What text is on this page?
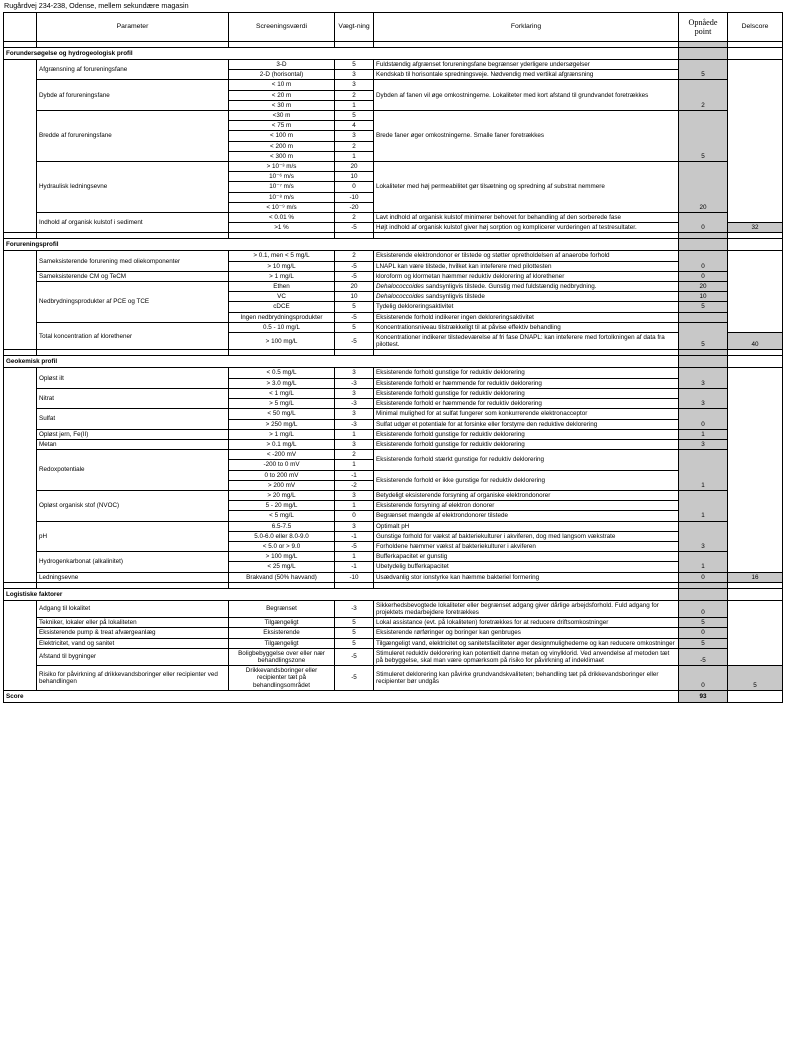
Rugårdvej 234-238, Odense, mellem sekundære magasin
	Parameter	Screeningsværdi	Vægt-ning	Forklaring	Opnåede point	Delscore

Forundersøgelse og hydrogeologisk profil						
	Afgrænsning af forureningsfane	3-D	5	Fuldstændig afgrænset forureningsfane begrænser yderligere undersøgelser	5	
		2-D (horisontal)	3	Kendskab til horisontale spredningsveje. Nødvendig med vertikal afgrænsning		
	Dybde af forureningsfane	< 10 m	3	Dybden af fanen vil øge omkostningerne. Lokaliteter med kort afstand til grundvandet foretrækkes	2	
		< 20 m	2			
		< 30 m	1			
	Bredde af forureningsfane	<30 m	5	Brede faner øger omkostningerne. Smalle faner foretrækkes	5	
		< 75 m	4			
		< 100 m	3			
		< 200 m	2			
		< 300 m	1			
	Hydraulisk ledningsevne	> 10⁻³ m/s	20	Lokaliteter med høj permeabilitet gør tilsætning og spredning af substrat nemmere	20	
		10⁻⁶ m/s	10			
		10⁻⁷ m/s	0			
		10⁻⁸ m/s	-10			
		< 10⁻⁹ m/s	-20			
	Indhold af organisk kulstof i sediment	< 0.01 %	2	Lavt indhold af organisk kulstof minimerer behovet for behandling af den sorberede fase	0	
		>1 %	-5	Højt indhold af organisk kulstof giver høj sorption og komplicerer vurderingen af testresultater.		32

Forureningsprofil						
	Sameksisterende forurening med oliekomponenter	> 0.1, men < 5 mg/L	2	Eksisterende elektrondonor er tilstede og støtter opretholdelsen af anaerobe forhold	0	
		> 10 mg/L	-5	LNAPL kan være tilstede, hvilket kan inteferere med pilottesten		
	Sameksisterende CM og TeCM	> 1 mg/L	-5	kloroform og klormetan hæmmer reduktiv deklorering af klorethener	0	
	Nedbrydningsprodukter af PCE og TCE	Ethen	20	Dehalococcoides sandsynligvis tilstede. Gunstig med fuldstændig nedbrydning.	20	
		VC	10	Dehalococcoides sandsynligvis tilstede	10	
		cDCE	5	Tydelig dekloreringsaktivitet	5	
		Ingen nedbrydningsprodukter	-5	Eksisterende forhold indikerer ingen dekloreringsaktivitet		
	Total koncentration af klorethener	0.5 - 10 mg/L	5	Koncentrationsniveau tilstrækkeligt til at påvise effektiv behandling	5	
		> 100 mg/L	-5	Koncentrationer indikerer tilstedeværelse af fri fase DNAPL: kan inteferere med fortolkningen af data fra pilottest.		40

Geokemisk profil						
	Opløst ilt	< 0.5 mg/L	3	Eksisterende forhold gunstige for reduktiv deklorering	3	
		> 3.0 mg/L	-3	Eksisterende forhold er hæmmende for reduktiv deklorering		
	Nitrat	< 1 mg/L	3	Eksisterende forhold gunstige for reduktiv deklorering	3	
		> 5 mg/L	-3	Eksisterende forhold er hæmmende for reduktiv deklorering		
	Sulfat	< 50 mg/L	3	Minimal mulighed for at sulfat fungerer som konkurrerende elektronacceptor	0	
		> 250 mg/L	-3	Sulfat udgør et potentiale for at forsinke eller forstyrre den reduktive deklorering		
	Opløst jern, Fe(II)	> 1 mg/L	1	Eksisterende forhold gunstige for reduktiv deklorering	1	
	Metan	> 0.1 mg/L	3	Eksisterende forhold gunstige for reduktiv deklorering	3	
	Redoxpotentiale	< -200 mV	2	Eksisterende forhold stærkt gunstige for reduktiv deklorering	1	
		-200 to 0 mV	1			
		0 to 200 mV	-1	Eksisterende forhold er ikke gunstige for reduktiv deklorering		
		> 200 mV	-2			
	Opløst organisk stof (NVOC)	> 20 mg/L	3	Betydeligt eksisterende forsyning af organiske elektrondonorer	1	
		5 - 20 mg/L	1	Eksisterende forsyning af elektron donorer		
		< 5 mg/L	0	Begrænset mængde af elektrondonorer tilstede		
	pH	6.5-7.5	3	Optimalt pH	3	
		5.0-6.0 eller 8.0-9.0	-1	Gunstige forhold for vækst af bakteriekulturer i akviferen, dog med langsom vækstrate		
		< 5.0 or > 9.0	-5	Forholdene hæmmer vækst af bakteriekulturer i akviferen		
	Hydrogenkarbonat (alkalinitet)	> 100 mg/L	1	Bufferkapacitet er gunstig	1	
		< 25 mg/L	-1	Ubetydelig bufferkapacitet		
	Ledningsevne	Brakvand (50% havvand)	-10	Usædvanlig stor ionstyrke kan hæmme bakteriel formering	0	16

Logistiske faktorer						
	Adgang til lokalitet	Begrænset	-3	Sikkerhedsbevogtede lokaliteter eller begrænset adgang giver dårlige arbejdsforhold. Fuld adgang for projektets medarbejdere foretrækkes	0	
	Tekniker, lokaler eller på lokaliteten	Tilgængeligt	5	Lokal assistance (evt. på lokaliteten) foretrækkes for at reducere driftsomkostninger	5	
	Eksisterende pump & treat afværgeanlæg	Eksisterende	5	Eksisterende rørføringer og boringer kan genbruges	0	
	Elektricitet, vand og sanitet	Tilgængeligt	5	Tilgængeligt vand, elektricitet og sanitetsfaciliteter øger designmulighederne og kan reducere omkostninger	5	
	Afstand til bygninger	Boligbebyggelse over eller nær behandlingszone	-5	Stimuleret reduktiv deklorering kan potentielt danne metan og vinylklorid. Ved anvendelse af metoden tæt på bebyggelse, skal man være opmærksom på risiko for påvirkning af indeklimaet	-5	
	Risiko for påvirkning af drikkevandsboringer eller recipienter ved behandlingen	Drikkevandsboringer eller recipienter tæt på behandlingsområdet	-5	Stimuleret deklorering kan påvirke grundvandskvaliteten; behandling tæt på drikkevandsboringer eller recipienter bør undgås	0	5
Score					93	
